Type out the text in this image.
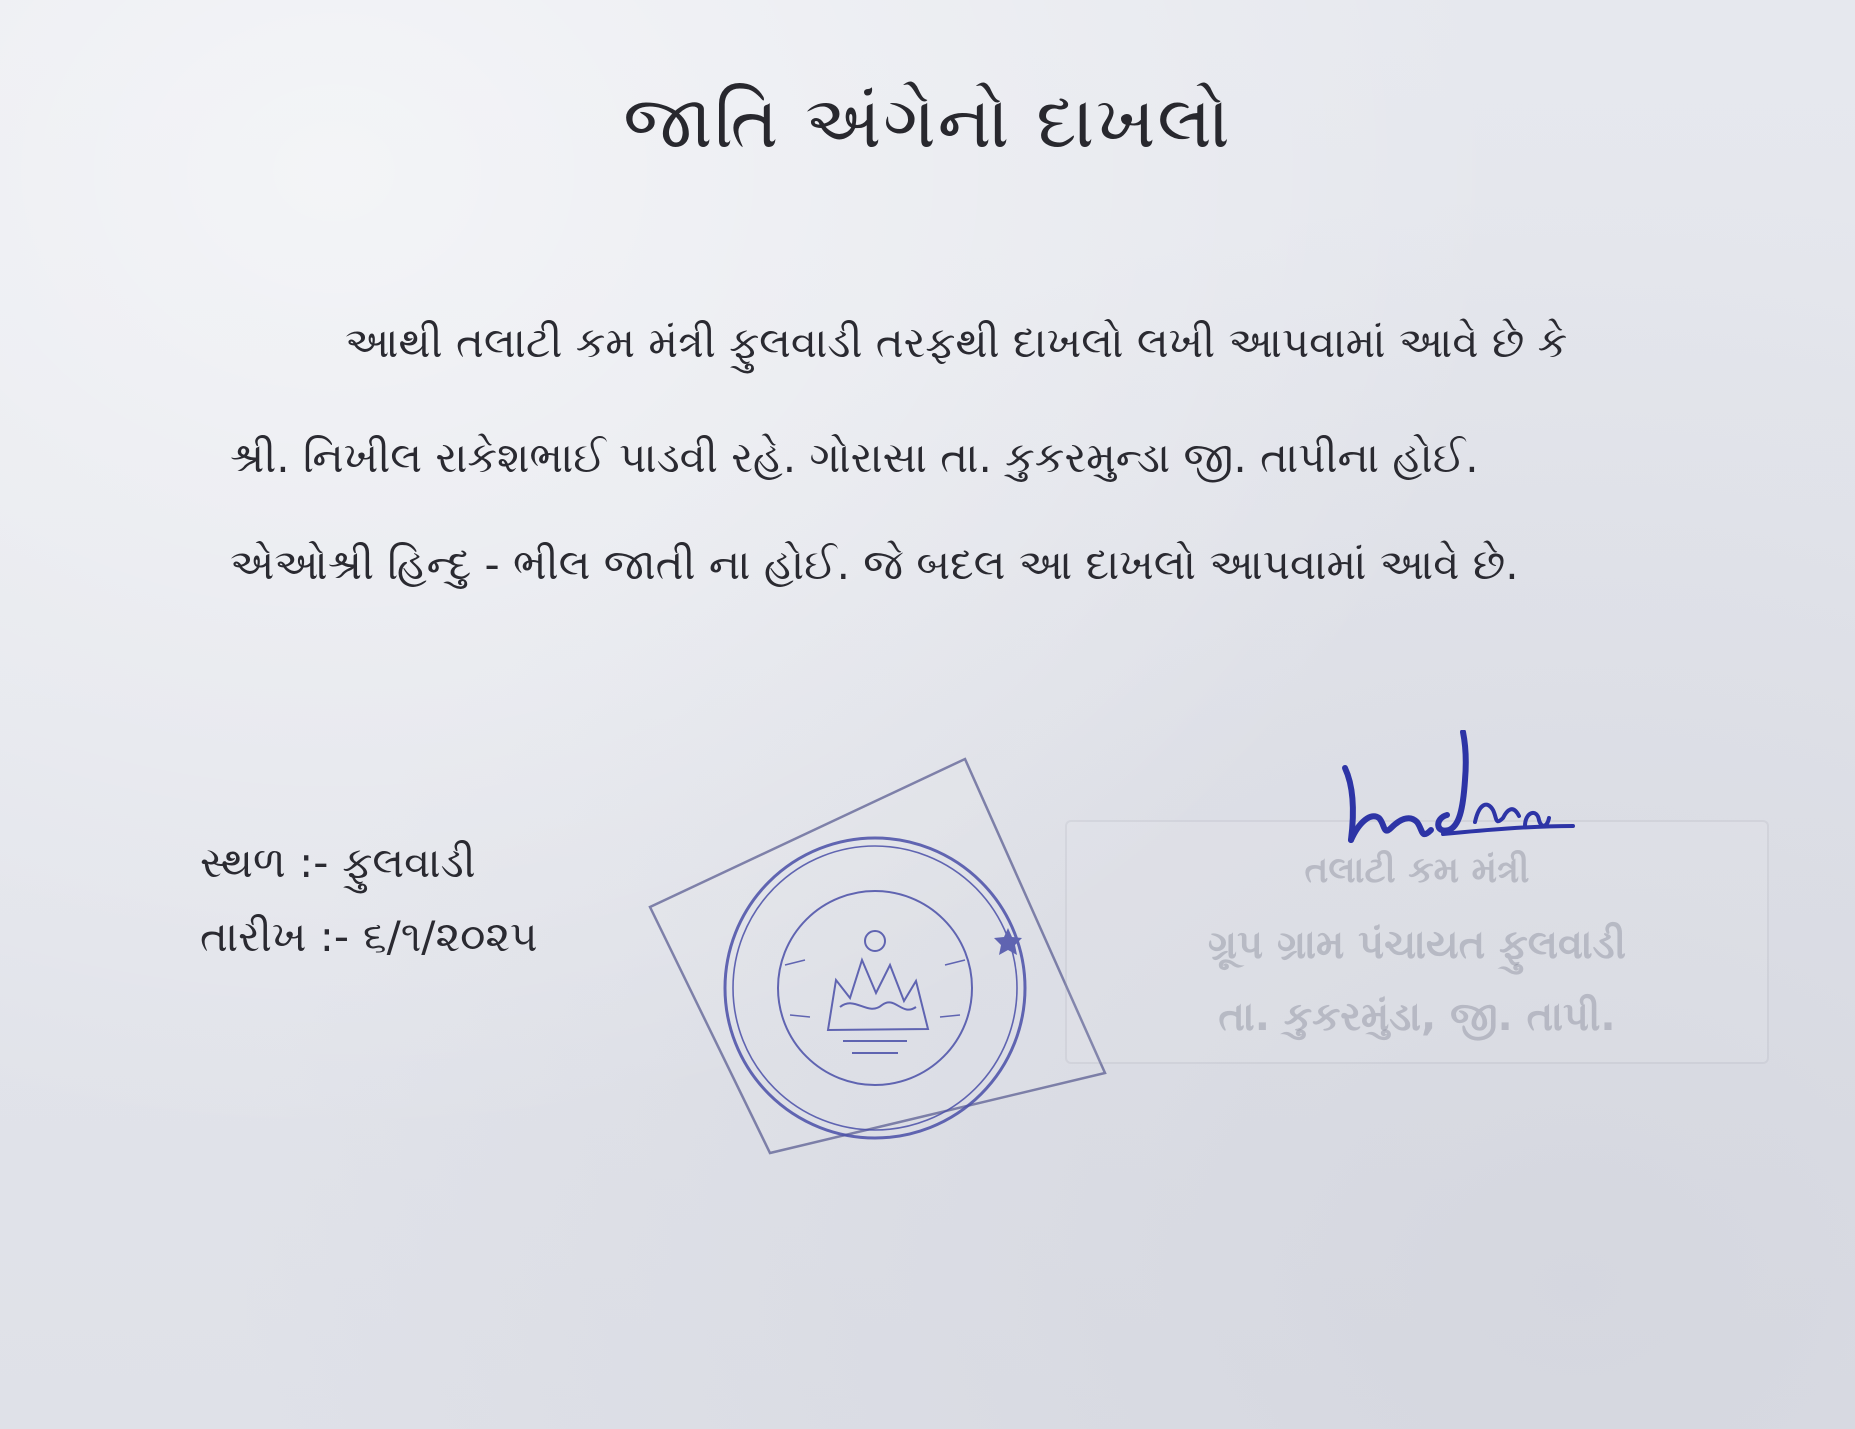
જાતિ અંગેનો દાખલો
આથી તલાટી કમ મંત્રી ફુલવાડી તરફથી દાખલો લખી આપવામાં આવે છે કે
શ્રી. નિખીલ રાકેશભાઈ પાડવી રહે. ગોરાસા તા. કુકરમુન્ડા જી. તાપીના હોઈ.
એઓશ્રી હિન્દુ - ભીલ જાતી ના હોઈ. જે બદલ આ દાખલો આપવામાં આવે છે.
સ્થળ :- ફુલવાડી
તારીખ :- ૬/૧/૨૦૨૫
તલાટી કમ મંત્રી
ગ્રૂપ ગ્રામ પંચાયત ફુલવાડી
તા. કુકરમુંડા, જી. તાપી.
